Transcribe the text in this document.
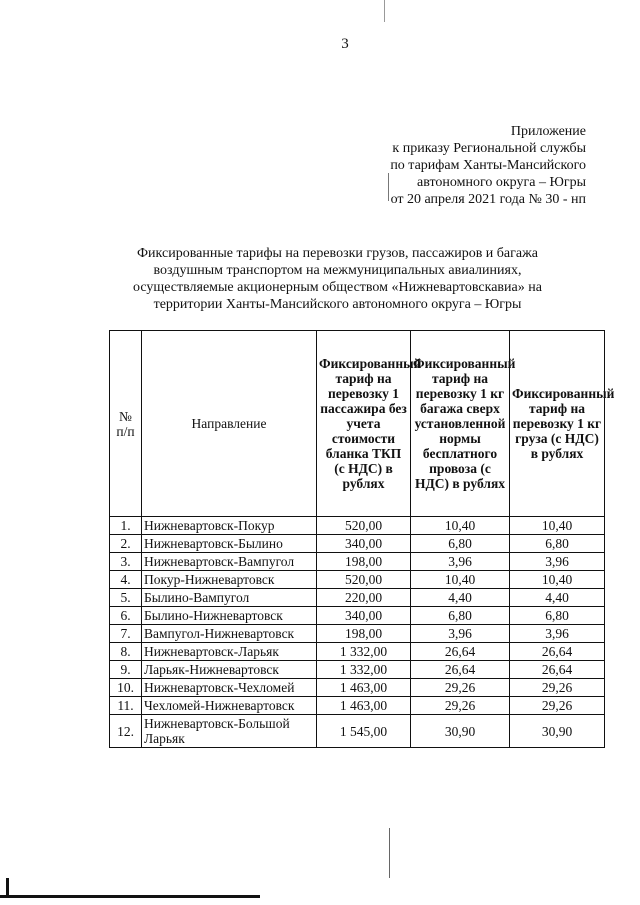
3
Приложение
к приказу Региональной службы
по тарифам Ханты-Мансийского
автономного округа – Югры
от 20 апреля 2021 года № 30 - нп
Фиксированные тарифы на перевозки грузов, пассажиров и багажа
воздушным транспортом на межмуниципальных авиалиниях,
осуществляемые акционерным обществом «Нижневартовскавиа» на
территории Ханты-Мансийского автономного округа – Югры
№ п/п	Направление	Фиксированный тариф на перевозку 1 пассажира без учета стоимости бланка ТКП (с НДС) в рублях	Фиксированный тариф на перевозку 1 кг багажа сверх установленной нормы бесплатного провоза (с НДС) в рублях	Фиксированный тариф на перевозку 1 кг груза (с НДС) в рублях
1.	Нижневартовск-Покур	520,00	10,40	10,40
2.	Нижневартовск-Былино	340,00	6,80	6,80
3.	Нижневартовск-Вампугол	198,00	3,96	3,96
4.	Покур-Нижневартовск	520,00	10,40	10,40
5.	Былино-Вампугол	220,00	4,40	4,40
6.	Былино-Нижневартовск	340,00	6,80	6,80
7.	Вампугол-Нижневартовск	198,00	3,96	3,96
8.	Нижневартовск-Ларьяк	1 332,00	26,64	26,64
9.	Ларьяк-Нижневартовск	1 332,00	26,64	26,64
10.	Нижневартовск-Чехломей	1 463,00	29,26	29,26
11.	Чехломей-Нижневартовск	1 463,00	29,26	29,26
12.	Нижневартовск-Большой Ларьяк	1 545,00	30,90	30,90
